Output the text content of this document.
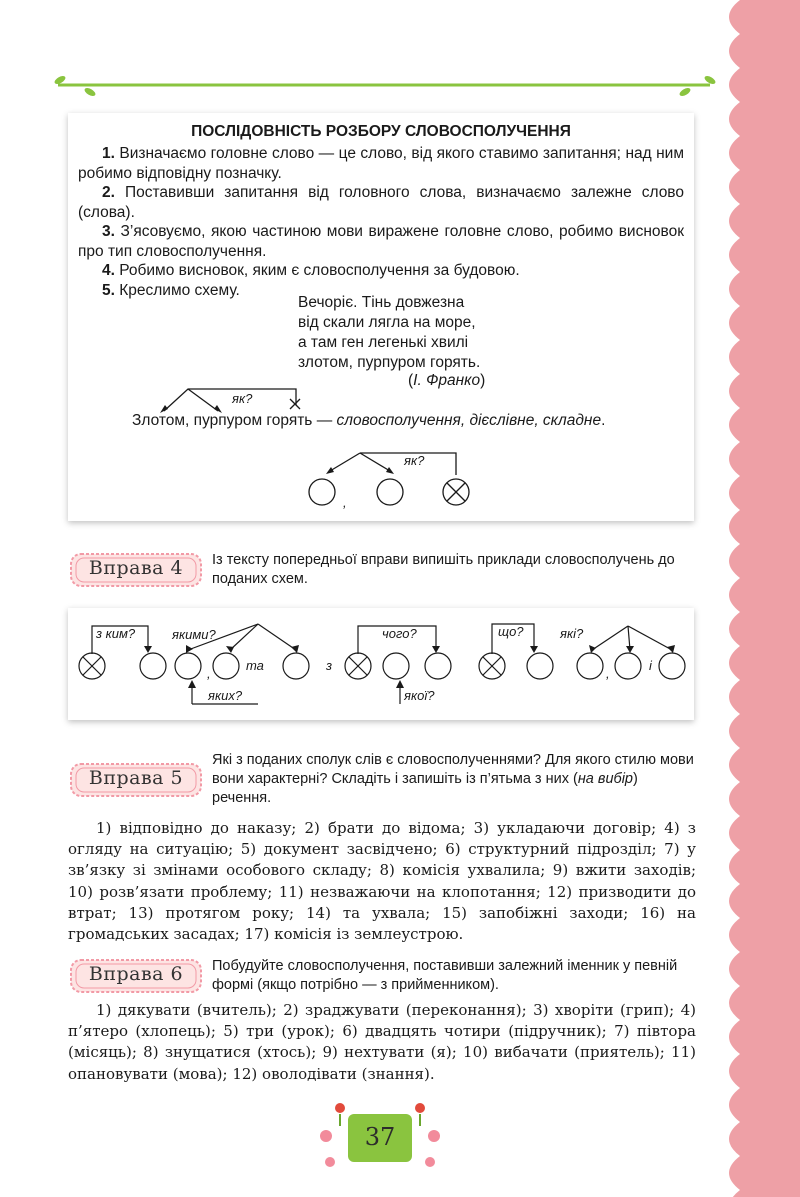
ПОСЛІДОВНІСТЬ РОЗБОРУ СЛОВОСПОЛУЧЕННЯ

1. Визначаємо головне слово — це слово, від якого ставимо запитання; над ним робимо відповідну позначку.

2. Поставивши запитання від головного слова, визначаємо залежне слово (слова).

3. З’ясовуємо, якою частиною мови виражене головне слово, робимо висновок про тип словосполучення.

4. Робимо висновок, яким є словосполучення за будовою.

5. Креслимо схему.

Вечоріє. Тінь довжезна
від скали лягла на море,
а там ген легенькі хвилі
злотом, пурпуром горять.
(І. Франко)
як?
Злотом, пурпуром горять — словосполучення, дієслівне, складне.
як?
,
Вправа 4	Із тексту попередньої вправи випишіть приклади словосполучень до поданих схем.
з ким?	якими?
,
та
яких?
з
чого?
якої?
що?	які?
,
і
Вправа 5
Які з поданих сполук слів є словосполученнями? Для якого стилю мови вони характерні? Складіть і запишіть із п’ятьма з них (на вибір) речення.

1) відповідно до наказу; 2) брати до відома; 3) укладаючи договір; 4) з огляду на ситуацію; 5) документ засвідчено; 6) структурний підрозділ; 7) у зв’язку зі змінами особового складу; 8) комісія ухвалила; 9) вжити заходів; 10) розв’язати проблему; 11) незважаючи на клопотання; 12) призводити до втрат; 13) протягом року; 14) та ухвала; 15) запобіжні заходи; 16) на громадських засадах; 17) комісія із землеустрою.

Вправа 6	Побудуйте словосполучення, поставивши залежний іменник у певній формі (якщо потрібно — з прийменником).

1) дякувати (вчитель); 2) зраджувати (переконання); 3) хворіти (грип); 4) п’ятеро (хлопець); 5) три (урок); 6) двадцять чотири (підручник); 7) півтора (місяць); 8) знущатися (хтось); 9) нехтувати (я); 10) вибачати (приятель); 11) опановувати (мова); 12) оволодівати (знання).

37
